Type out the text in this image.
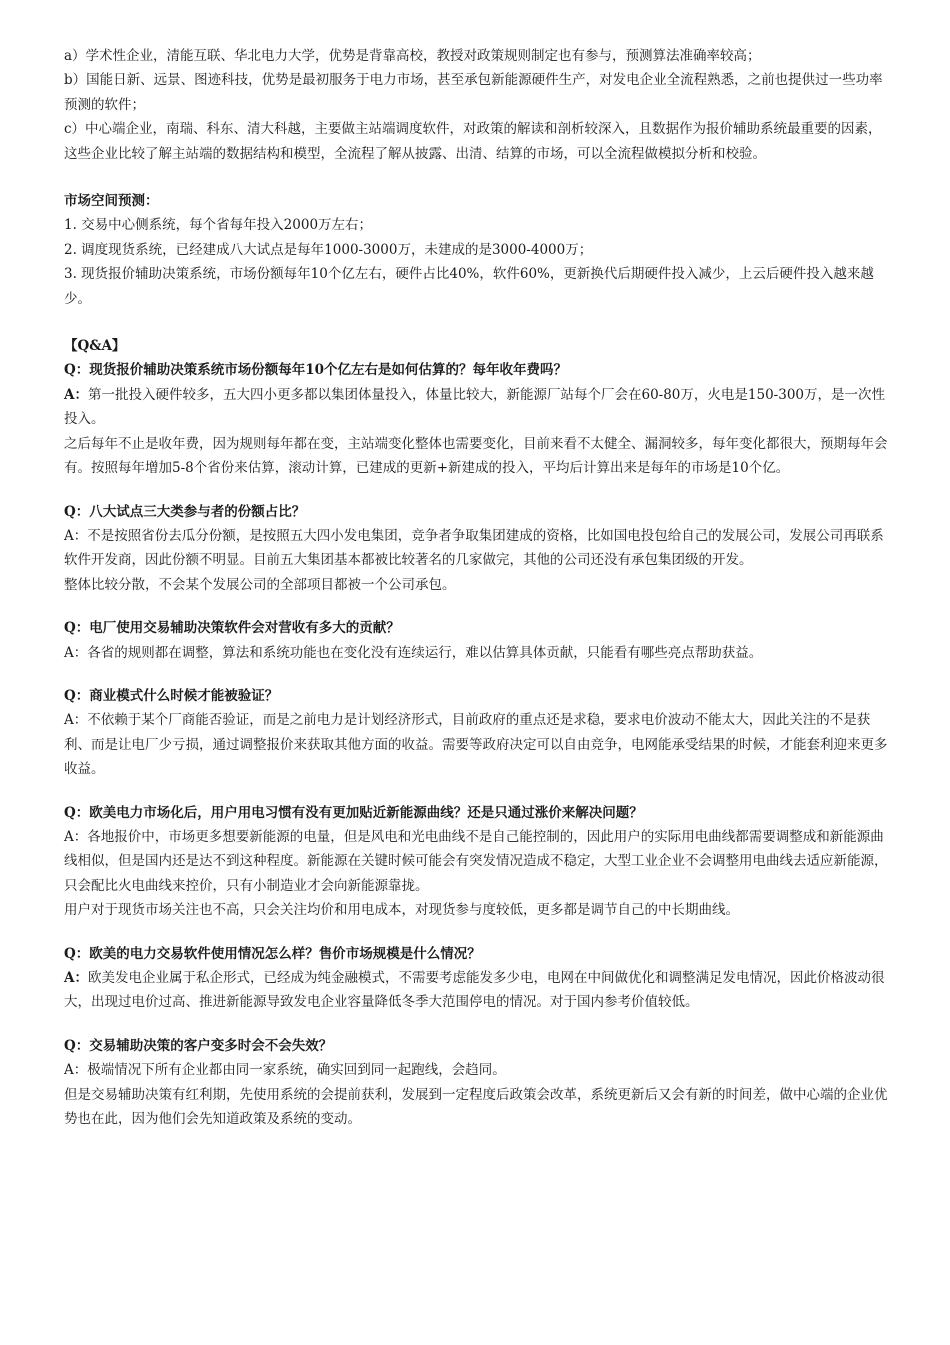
a）学术性企业，清能互联、华北电力大学，优势是背靠高校，教授对政策规则制定也有参与，预测算法准确率较高；

b）国能日新、远景、图迹科技，优势是最初服务于电力市场，甚至承包新能源硬件生产，对发电企业全流程熟悉，之前也提供过一些功率预测的软件；

c）中心端企业，南瑞、科东、清大科越，主要做主站端调度软件，对政策的解读和剖析较深入，且数据作为报价辅助系统最重要的因素，这些企业比较了解主站端的数据结构和模型，全流程了解从披露、出清、结算的市场，可以全流程做模拟分析和校验。

市场空间预测：

1. 交易中心侧系统，每个省每年投入2000万左右；

2. 调度现货系统，已经建成八大试点是每年1000-3000万，未建成的是3000-4000万；

3. 现货报价辅助决策系统，市场份额每年10个亿左右，硬件占比40%，软件60%，更新换代后期硬件投入减少，上云后硬件投入越来越少。

【Q&A】

Q：现货报价辅助决策系统市场份额每年10个亿左右是如何估算的？每年收年费吗？

A：第一批投入硬件较多，五大四小更多都以集团体量投入，体量比较大，新能源厂站每个厂会在60-80万，火电是150-300万，是一次性投入。

之后每年不止是收年费，因为规则每年都在变，主站端变化整体也需要变化，目前来看不太健全、漏洞较多，每年变化都很大，预期每年会有。按照每年增加5-8个省份来估算，滚动计算，已建成的更新+新建成的投入，平均后计算出来是每年的市场是10个亿。

Q：八大试点三大类参与者的份额占比？

A：不是按照省份去瓜分份额，是按照五大四小发电集团，竞争者争取集团建成的资格，比如国电投包给自己的发展公司，发展公司再联系软件开发商，因此份额不明显。目前五大集团基本都被比较著名的几家做完，其他的公司还没有承包集团级的开发。

整体比较分散，不会某个发展公司的全部项目都被一个公司承包。

Q：电厂使用交易辅助决策软件会对营收有多大的贡献？

A：各省的规则都在调整，算法和系统功能也在变化没有连续运行，难以估算具体贡献，只能看有哪些亮点帮助获益。

Q：商业模式什么时候才能被验证？

A：不依赖于某个厂商能否验证，而是之前电力是计划经济形式，目前政府的重点还是求稳，要求电价波动不能太大，因此关注的不是获利、而是让电厂少亏损，通过调整报价来获取其他方面的收益。需要等政府决定可以自由竞争，电网能承受结果的时候，才能套利迎来更多收益。

Q：欧美电力市场化后，用户用电习惯有没有更加贴近新能源曲线？还是只通过涨价来解决问题？

A：各地报价中，市场更多想要新能源的电量，但是风电和光电曲线不是自己能控制的，因此用户的实际用电曲线都需要调整成和新能源曲线相似，但是国内还是达不到这种程度。新能源在关键时候可能会有突发情况造成不稳定，大型工业企业不会调整用电曲线去适应新能源，只会配比火电曲线来控价，只有小制造业才会向新能源靠拢。

用户对于现货市场关注也不高，只会关注均价和用电成本，对现货参与度较低，更多都是调节自己的中长期曲线。

Q：欧美的电力交易软件使用情况怎么样？售价市场规模是什么情况？

A：欧美发电企业属于私企形式，已经成为纯金融模式，不需要考虑能发多少电，电网在中间做优化和调整满足发电情况，因此价格波动很大，出现过电价过高、推进新能源导致发电企业容量降低冬季大范围停电的情况。对于国内参考价值较低。

Q：交易辅助决策的客户变多时会不会失效？

A：极端情况下所有企业都由同一家系统，确实回到同一起跑线，会趋同。

但是交易辅助决策有红利期，先使用系统的会提前获利，发展到一定程度后政策会改革，系统更新后又会有新的时间差，做中心端的企业优势也在此，因为他们会先知道政策及系统的变动。
